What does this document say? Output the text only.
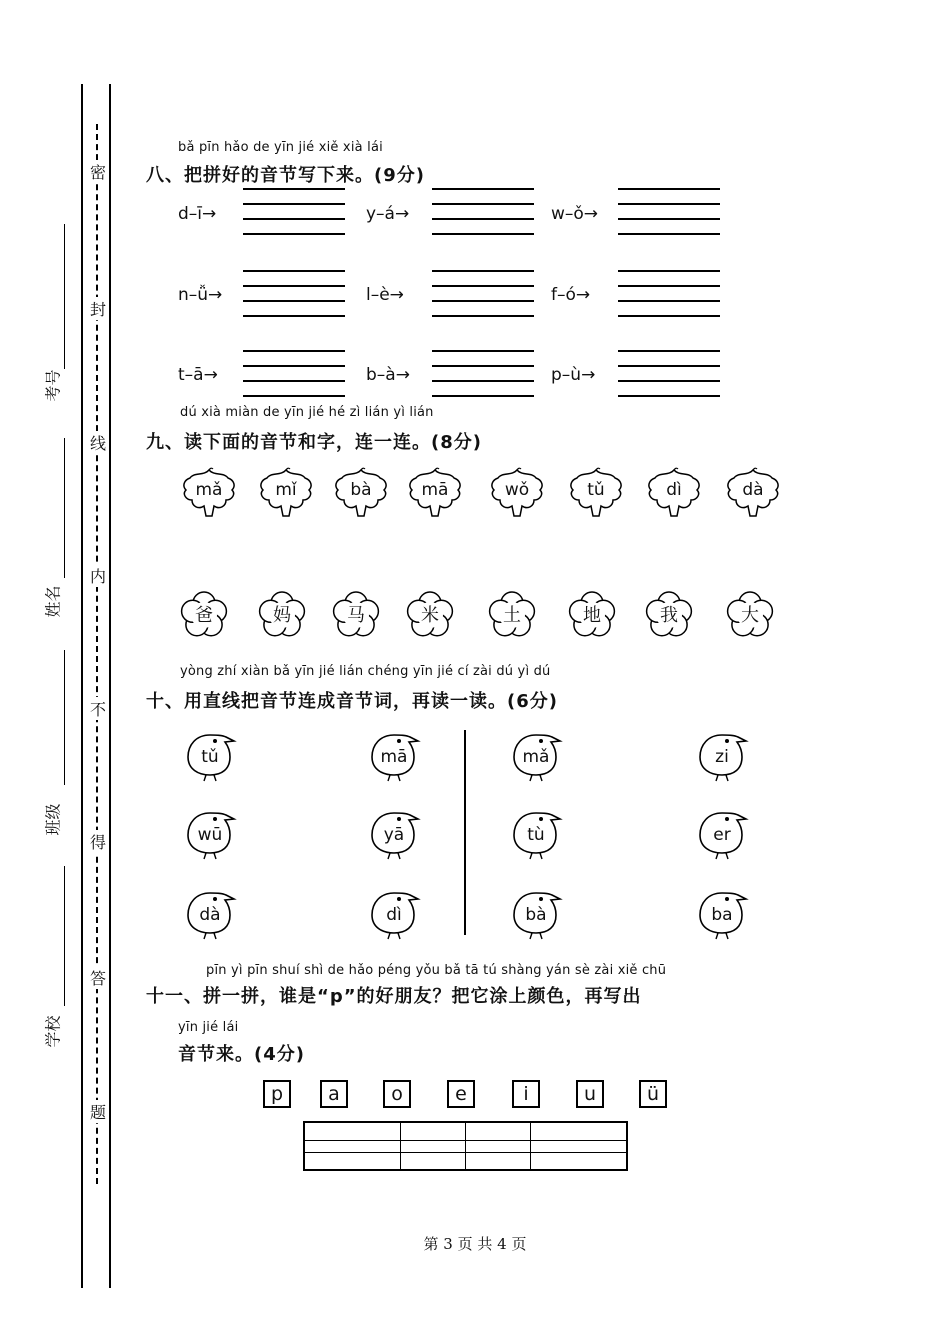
密
封
线
内
不
得
答
题
考号
姓名
班级
学校
bǎ pīn hǎo de yīn jié xiě xià lái
八、把拼好的音节写下来。(9分)
d–ī→	y–á→	w–ǒ→
n–ǚ→	l–è→	f–ó→
t–ā→	b–à→	p–ù→
dú xià miàn de yīn jié hé zì lián yì lián
九、读下面的音节和字，连一连。(8分)
mǎ	mǐ	bà	mā	wǒ	tǔ	dì	dà
爸	妈	马	米	土	地	我	大
yòng zhí xiàn bǎ yīn jié lián chéng yīn jié cí zài dú yì dú
十、用直线把音节连成音节词，再读一读。(6分)
tǔ	mā	mǎ	zi
wū	yā	tù	er
dà	dì	bà	ba
pīn yì pīn shuí shì de hǎo péng yǒu bǎ tā tú shàng yán sè zài xiě chū
十一、拼一拼，谁是“p”的好朋友？把它涂上颜色，再写出
yīn jié lái
音节来。(4分)
p	a	o	e	i	u	ü

第 3 页 共 4 页
